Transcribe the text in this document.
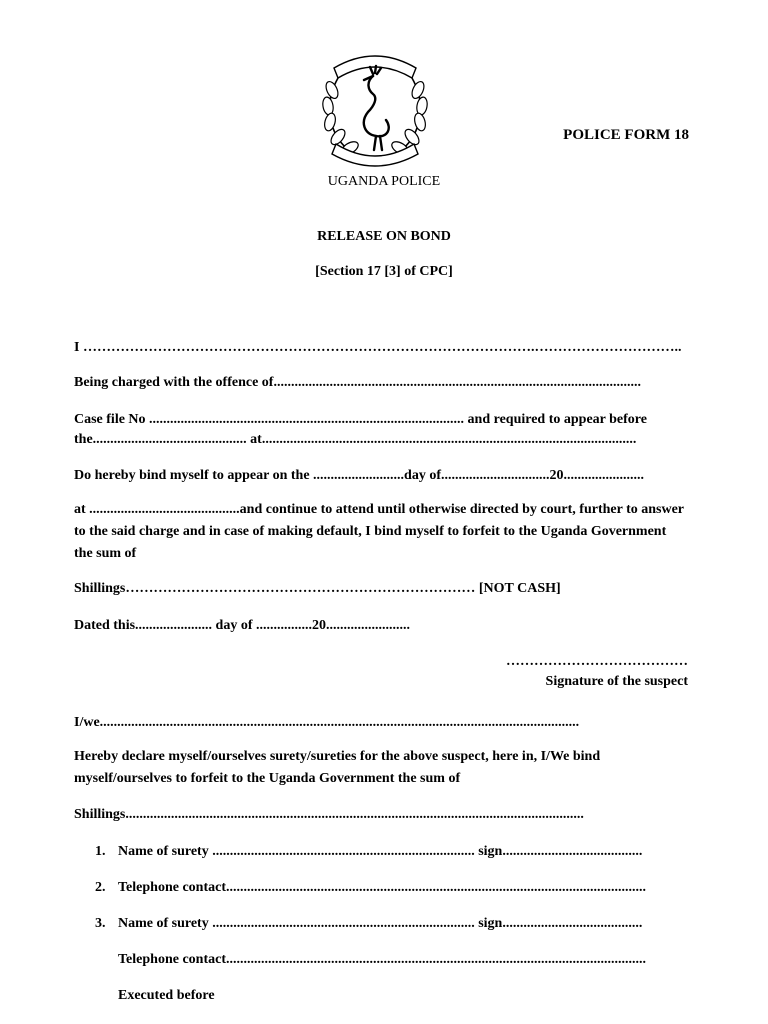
POLICE FORM 18
UGANDA POLICE
RELEASE ON BOND
[Section 17 [3] of CPC]
I …………………………………………………………………………………….…………………………..
Being charged with the offence of.........................................................................................................
Case file No .......................................................................................... and required to appear before
the............................................ at...........................................................................................................
Do hereby bind myself to appear on the ..........................day of...............................20.......................
at ...........................................and continue to attend until otherwise directed by court, further to answer to the said charge and in case of making default, I bind myself to forfeit to the Uganda Government the sum of
Shillings………………………………………………………………… [NOT CASH]
Dated this...................... day of ................20........................
…………………………………
Signature of the suspect
I/we.........................................................................................................................................
Hereby declare myself/ourselves surety/sureties for the above suspect, here in, I/We bind myself/ourselves to forfeit to the Uganda Government the sum of
Shillings...................................................................................................................................
1. Name of surety ........................................................................... sign........................................
2. Telephone contact........................................................................................................................
3. Name of surety ........................................................................... sign........................................
Telephone contact........................................................................................................................
Executed before
